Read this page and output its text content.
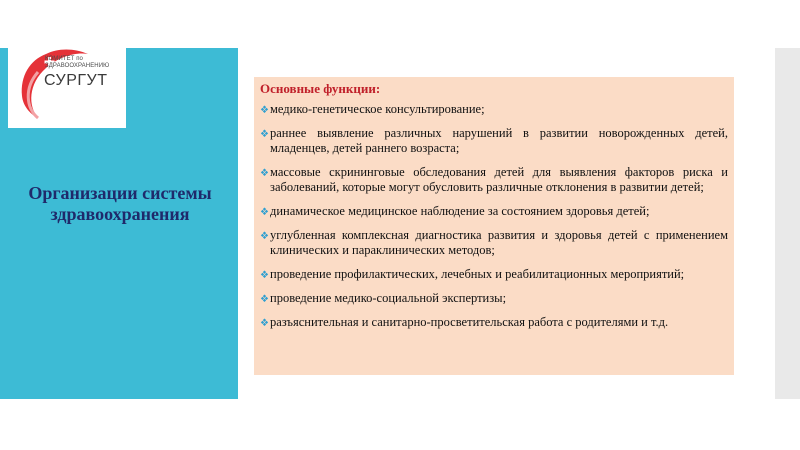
КОМИТЕТ по
ЗДРАВООХРАНЕНИЮ
СУРГУТ
Организации системы здравоохранения
Основные функции:
❖ медико-генетическое консультирование;
❖ раннее выявление различных нарушений в развитии новорожденных детей, младенцев, детей раннего возраста;
❖ массовые скрининговые обследования детей для выявления факторов риска и заболеваний, которые могут обусловить различные отклонения в развитии детей;
❖ динамическое медицинское наблюдение за состоянием здоровья детей;
❖ углубленная комплексная диагностика развития и здоровья детей с применением клинических и параклинических методов;
❖ проведение профилактических, лечебных и реабилитационных мероприятий;
❖ проведение медико-социальной экспертизы;
❖ разъяснительная и санитарно-просветительская работа с родителями и т.д.
